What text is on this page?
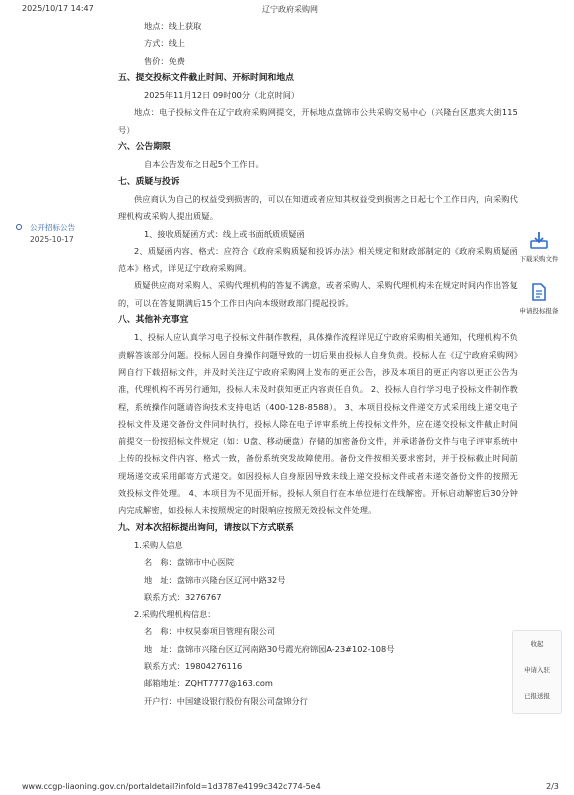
2025/10/17 14:47	辽宁政府采购网
公开招标公告
2025-10-17
下载采购文件
申请投标报备
收起
申请入驻
已报送报
地点：线上获取
方式：线上
售价：免费
五、提交投标文件截止时间、开标时间和地点
2025年11月12日 09时00分（北京时间）
地点：电子投标文件在辽宁政府采购网提交，开标地点盘锦市公共采购交易中心（兴隆台区惠宾大街115号）
六、公告期限
自本公告发布之日起5个工作日。
七、质疑与投诉
供应商认为自己的权益受到损害的，可以在知道或者应知其权益受到损害之日起七个工作日内，向采购代理机构或采购人提出质疑。
1、接收质疑函方式：线上或书面纸质质疑函
2、质疑函内容、格式：应符合《政府采购质疑和投诉办法》相关规定和财政部制定的《政府采购质疑函范本》格式，详见辽宁政府采购网。
质疑供应商对采购人、采购代理机构的答复不满意，或者采购人、采购代理机构未在规定时间内作出答复的，可以在答复期满后15个工作日内向本级财政部门提起投诉。
八、其他补充事宜
1、投标人应认真学习电子投标文件制作教程，具体操作流程详见辽宁政府采购相关通知，代理机构不负责解答该部分问题。投标人因自身操作问题导致的一切后果由投标人自身负责。投标人在《辽宁政府采购网》网自行下载招标文件，并及时关注辽宁政府采购网上发布的更正公告，涉及本项目的更正内容以更正公告为准，代理机构不再另行通知，投标人未及时获知更正内容责任自负。 2、投标人自行学习电子投标文件制作教程，系统操作问题请咨询技术支持电话（400-128-8588）。 3、本项目投标文件递交方式采用线上递交电子投标文件及递交备份文件同时执行，投标人除在电子评审系统上传投标文件外，应在递交投标文件截止时间前提交一份按招标文件规定（如：U盘、移动硬盘）存储的加密备份文件，并承诺备份文件与电子评审系统中上传的投标文件内容、格式一致，备份系统突发故障使用。备份文件按相关要求密封，并于投标截止时间前现场递交或采用邮寄方式递交。如因投标人自身原因导致未线上递交投标文件或者未递交备份文件的按照无效投标文件处理。 4、本项目为不见面开标，投标人须自行在本单位进行在线解密。开标启动解密后30分钟内完成解密，如投标人未按照规定的时限响应按照无效投标文件处理。
九、对本次招标提出询问，请按以下方式联系
1.采购人信息
名　称：盘锦市中心医院
地　址：盘锦市兴隆台区辽河中路32号
联系方式：3276767
2.采购代理机构信息：
名　称：中权昊泰项目管理有限公司
地　址：盘锦市兴隆台区辽河南路30号霞光府锦园A-23#102-108号
联系方式：19804276116
邮箱地址：ZQHT7777@163.com
开户行：中国建设银行股份有限公司盘锦分行
www.ccgp-liaoning.gov.cn/portaldetail?infold=1d3787e4199c342c774-5e4	2/3
